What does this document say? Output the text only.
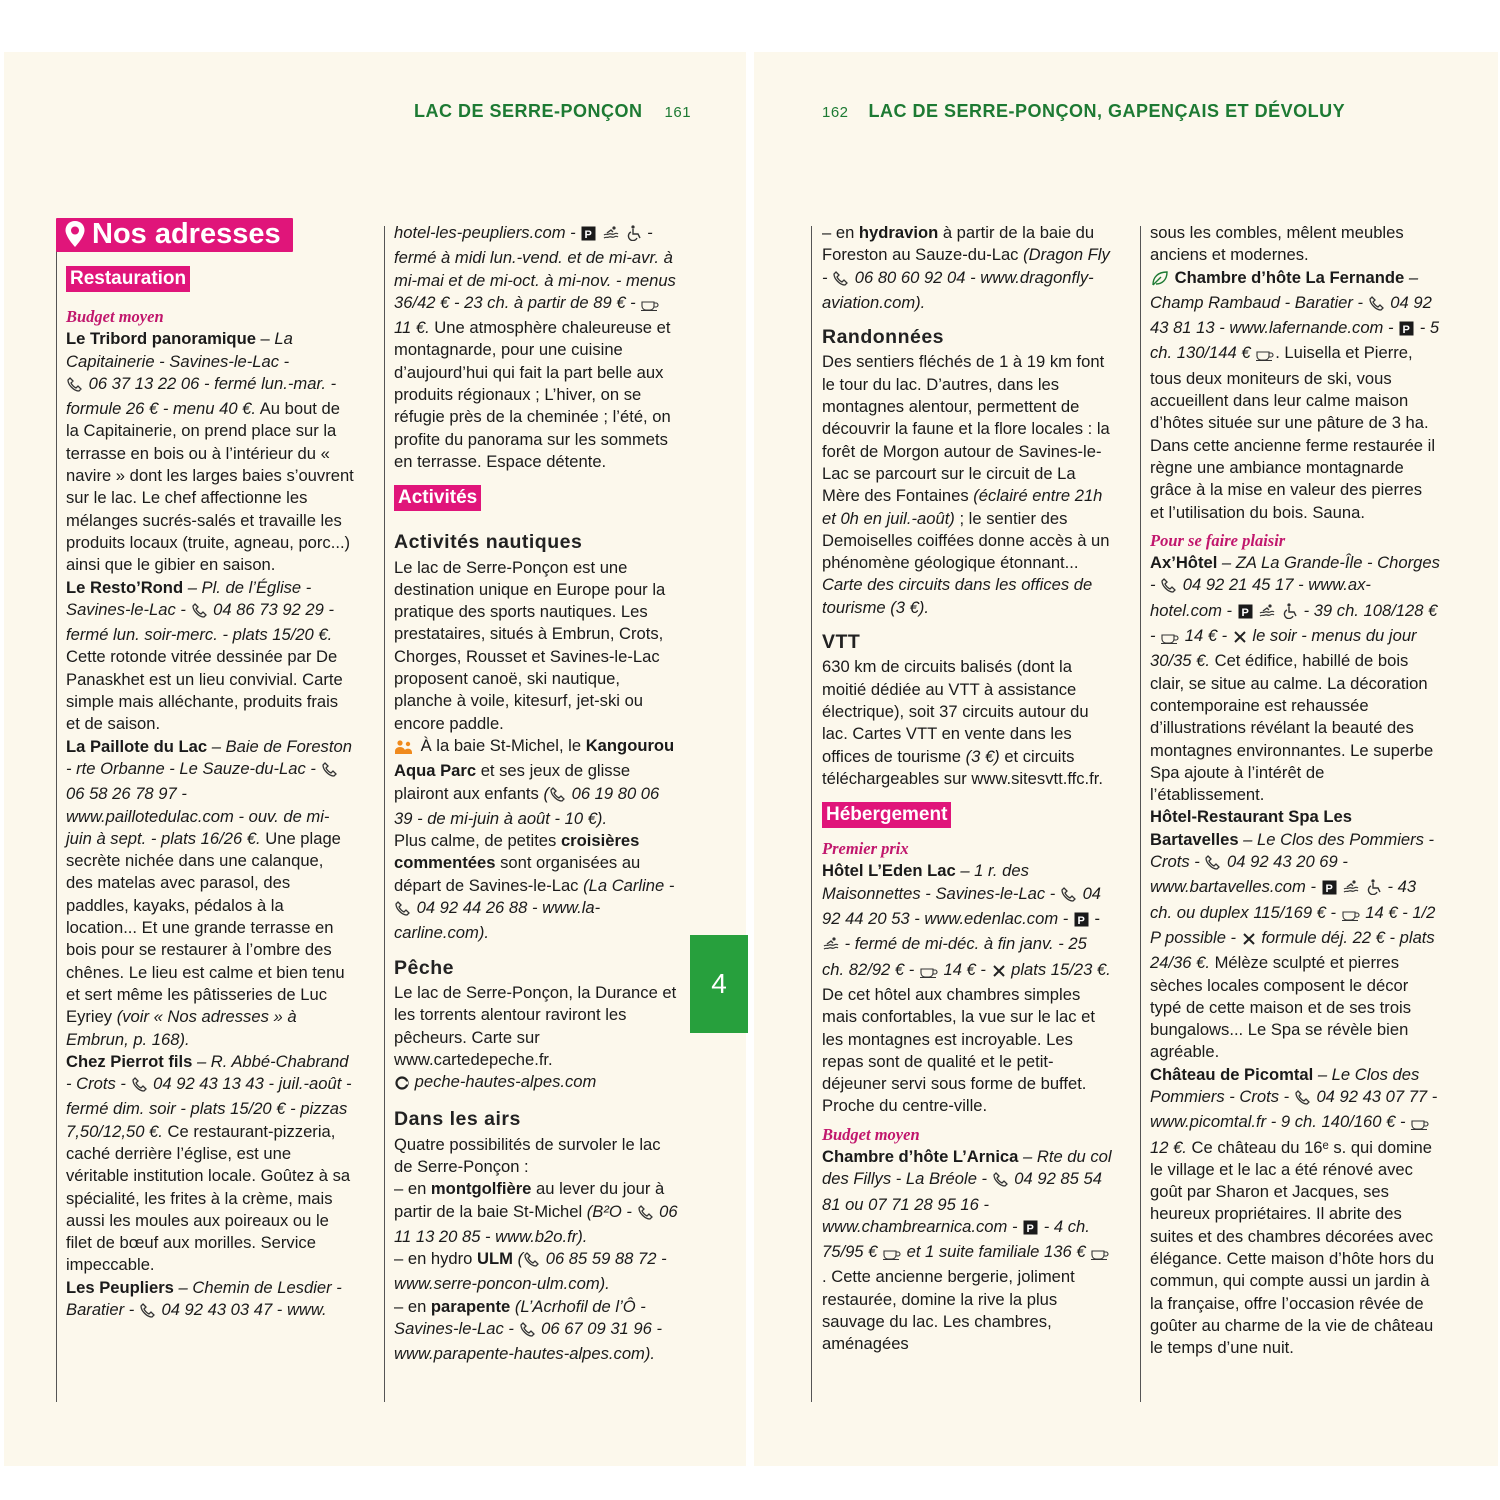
LAC DE SERRE-PONÇON 161	162 LAC DE SERRE-PONÇON, GAPENÇAIS ET DÉVOLUY
4
Nos adresses

Restauration
Budget moyen

Le Tribord panoramique – La Capitainerie - Savines-le-Lac -
06 37 13 22 06 - fermé lun.-mar. - formule 26 € - menu 40 €. Au bout de la Capitainerie, on prend place sur la terrasse en bois ou à l’intérieur du « navire » dont les larges baies s’ouvrent sur le lac. Le chef affectionne les mélanges sucrés-salés et travaille les produits locaux (truite, agneau, porc...) ainsi que le gibier en saison.

Le Resto’Rond – Pl. de l’Église - Savines-le-Lac -  04 86 73 92 29 - fermé lun. soir-merc. - plats 15/20 €. Cette rotonde vitrée dessinée par De Panaskhet est un lieu convivial. Carte simple mais alléchante, produits frais et de saison.

La Paillote du Lac – Baie de Foreston - rte Orbanne - Le Sauze-du-Lac -  06 58 26 78 97 - www.paillotedulac.com - ouv. de mi-juin à sept. - plats 16/26 €. Une plage secrète nichée dans une calanque, des matelas avec parasol, des paddles, kayaks, pédalos à la location... Et une grande terrasse en bois pour se restaurer à l’ombre des chênes. Le lieu est calme et bien tenu et sert même les pâtisseries de Luc Eyriey (voir « Nos adresses » à Embrun, p. 168).

Chez Pierrot fils – R. Abbé-Chabrand - Crots -  04 92 43 13 43 - juil.-août - fermé dim. soir - plats 15/20 € - pizzas 7,50/12,50 €. Ce restaurant-pizzeria, caché derrière l’église, est une véritable institution locale. Goûtez à sa spécialité, les frites à la crème, mais aussi les moules aux poireaux ou le filet de bœuf aux morilles. Service impeccable.

Les Peupliers – Chemin de Lesdier - Baratier -  04 92 43 03 47 - www.

hotel-les-peupliers.com - P	- fermé à midi lun.-vend. et de mi-avr. à mi-mai et de mi-oct. à mi-nov. - menus 36/42 € - 23 ch. à partir de 89 € -  11 €. Une atmosphère chaleureuse et montagnarde, pour une cuisine d’aujourd’hui qui fait la part belle aux produits régionaux ; L’hiver, on se réfugie près de la cheminée ; l’été, on profite du panorama sur les sommets en terrasse. Espace détente.

Activités
Activités nautiques

Le lac de Serre-Ponçon est une destination unique en Europe pour la pratique des sports nautiques. Les prestataires, situés à Embrun, Crots, Chorges, Rousset et Savines-le-Lac proposent canoë, ski nautique, planche à voile, kitesurf, jet-ski ou encore paddle.

À la baie St-Michel, le Kangourou Aqua Parc et ses jeux de glisse plairont aux enfants ( 06 19 80 06 39 - de mi-juin à août - 10 €).

Plus calme, de petites croisières commentées sont organisées au départ de Savines-le-Lac (La Carline -  04 92 44 26 88 - www.la-carline.com).

Pêche

Le lac de Serre-Ponçon, la Durance et les torrents alentour raviront les pêcheurs. Carte sur www.cartedepeche.fr.

peche-hautes-alpes.com

Dans les airs

Quatre possibilités de survoler le lac de Serre-Ponçon :

– en montgolfière au lever du jour à partir de la baie St-Michel (B²O -  06 11 13 20 85 - www.b2o.fr).

– en hydro ULM ( 06 85 59 88 72 - www.serre-poncon-ulm.com).

– en parapente (L’Acrhofil de l’Ô - Savines-le-Lac -  06 67 09 31 96 - www.parapente-hautes-alpes.com).

– en hydravion à partir de la baie du Foreston au Sauze-du-Lac (Dragon Fly -  06 80 60 92 04 - www.dragonfly-aviation.com).

Randonnées

Des sentiers fléchés de 1 à 19 km font le tour du lac. D’autres, dans les montagnes alentour, permettent de découvrir la faune et la flore locales : la forêt de Morgon autour de Savines-le-Lac se parcourt sur le circuit de La Mère des Fontaines (éclairé entre 21h et 0h en juil.-août) ; le sentier des Demoiselles coiffées donne accès à un phénomène géologique étonnant... Carte des circuits dans les offices de tourisme (3 €).

VTT

630 km de circuits balisés (dont la moitié dédiée au VTT à assistance électrique), soit 37 circuits autour du lac. Cartes VTT en vente dans les offices de tourisme (3 €) et circuits téléchargeables sur www.sitesvtt.ffc.fr.

Hébergement
Premier prix

Hôtel L’Eden Lac – 1 r. des Maisonnettes - Savines-le-Lac -  04 92 44 20 53 - www.edenlac.com - P -  - fermé de mi-déc. à fin janv. - 25 ch. 82/92 € -  14 € -  plats 15/23 €. De cet hôtel aux chambres simples mais confortables, la vue sur le lac et les montagnes est incroyable. Les repas sont de qualité et le petit-déjeuner servi sous forme de buffet. Proche du centre-ville.

Budget moyen

Chambre d’hôte L’Arnica – Rte du col des Fillys - La Bréole -  04 92 85 54 81 ou 07 71 28 95 16 - www.chambrearnica.com - P - 4 ch. 75/95 €  et 1 suite familiale 136 € . Cette ancienne bergerie, joliment restaurée, domine la rive la plus sauvage du lac. Les chambres, aménagées

sous les combles, mêlent meubles anciens et modernes.

Chambre d’hôte La Fernande – Champ Rambaud - Baratier -  04 92 43 81 13 - www.lafernande.com - P - 5 ch. 130/144 € . Luisella et Pierre, tous deux moniteurs de ski, vous accueillent dans leur calme maison d’hôtes située sur une pâture de 3 ha. Dans cette ancienne ferme restaurée il règne une ambiance montagnarde grâce à la mise en valeur des pierres et l’utilisation du bois. Sauna.

Pour se faire plaisir

Ax’Hôtel – ZA La Grande-Île - Chorges -  04 92 21 45 17 - www.ax-hotel.com - P	- 39 ch. 108/128 € -  14 € -  le soir - menus du jour 30/35 €. Cet édifice, habillé de bois clair, se situe au calme. La décoration contemporaine est rehaussée d’illustrations révélant la beauté des montagnes environnantes. Le superbe Spa ajoute à l’intérêt de l’établissement.

Hôtel-Restaurant Spa Les Bartavelles – Le Clos des Pommiers - Crots -  04 92 43 20 69 - www.bartavelles.com - P	- 43 ch. ou duplex 115/169 € -  14 € - 1/2 P possible -  formule déj. 22 € - plats 24/36 €. Mélèze sculpté et pierres sèches locales composent le décor typé de cette maison et de ses trois bungalows... Le Spa se révèle bien agréable.

Château de Picomtal – Le Clos des Pommiers - Crots -  04 92 43 07 77 - www.picomtal.fr - 9 ch. 140/160 € -  12 €. Ce château du 16ᵉ s. qui domine le village et le lac a été rénové avec goût par Sharon et Jacques, ses heureux propriétaires. Il abrite des suites et des chambres décorées avec élégance. Cette maison d’hôte hors du commun, qui compte aussi un jardin à la française, offre l’occasion rêvée de goûter au charme de la vie de château le temps d’une nuit.
